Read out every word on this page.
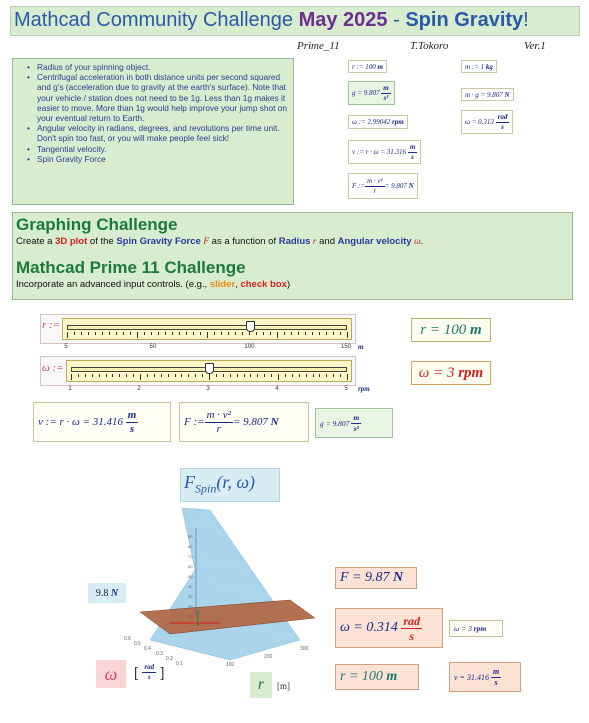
Mathcad Community Challenge May 2025 - Spin Gravity!
Prime_11	T.Tokoro	Ver.1
• Radius of your spinning object.
• Centrifugal acceleration in both distance units per second squared and g's (acceleration due to gravity at the earth's surface). Note that your vehicle / station does not need to be 1g. Less than 1g makes it easier to move. More than 1g would help improve your jump shot on your eventual return to Earth.
• Angular velocity in radians, degrees, and revolutions per time unit. Don't spin too fast, or you will make people feel sick!
• Tangential velocity.
• Spin Gravity Force
r := 100
m
g = 9.807
$\frac{m}{\text{s²}}$
ω := 2.99042
rpm
v := r · ω = 31.316
$\frac{m}{s}$
F := $\frac{\text{m · v²}}{r} = 9.807$
N
m := 1
kg
m · g = 9.807
N
ω = 0.313
$\frac{\text{rad}}{s}$
Graphing Challenge
Create a 3D plot of the Spin Gravity Force F as a function of Radius r and Angular velocity ω.
Mathcad Prime 11 Challenge
Incorporate an advanced input controls. (e.g., slider, check box)
r :=
5	50	100	150 m
ω :=
1	2	3	4	5 rpm
r = 100
m
ω = 3
rpm
v := r · ω = 31.416
$\frac{m}{s}$	F := $\frac{\text{m · v²}}{r} = 9.807$
N	g = 9.807
$\frac{m}{\text{s²}}$
$F_{Spin}(r$, ω)
90
80
70
60
50
40
30
20
10
0.6
0.5
0.4
0.3
0.2
0.1	100
200
300
9.8
N
ω [ $\frac{\text{rad}}{s}$ ]
r [m]
F = 9.87
N
ω = 0.314
$\frac{\text{rad}}{s}$	ω = 3
rpm
r = 100
m	v = 31.416
$\frac{m}{s}$
